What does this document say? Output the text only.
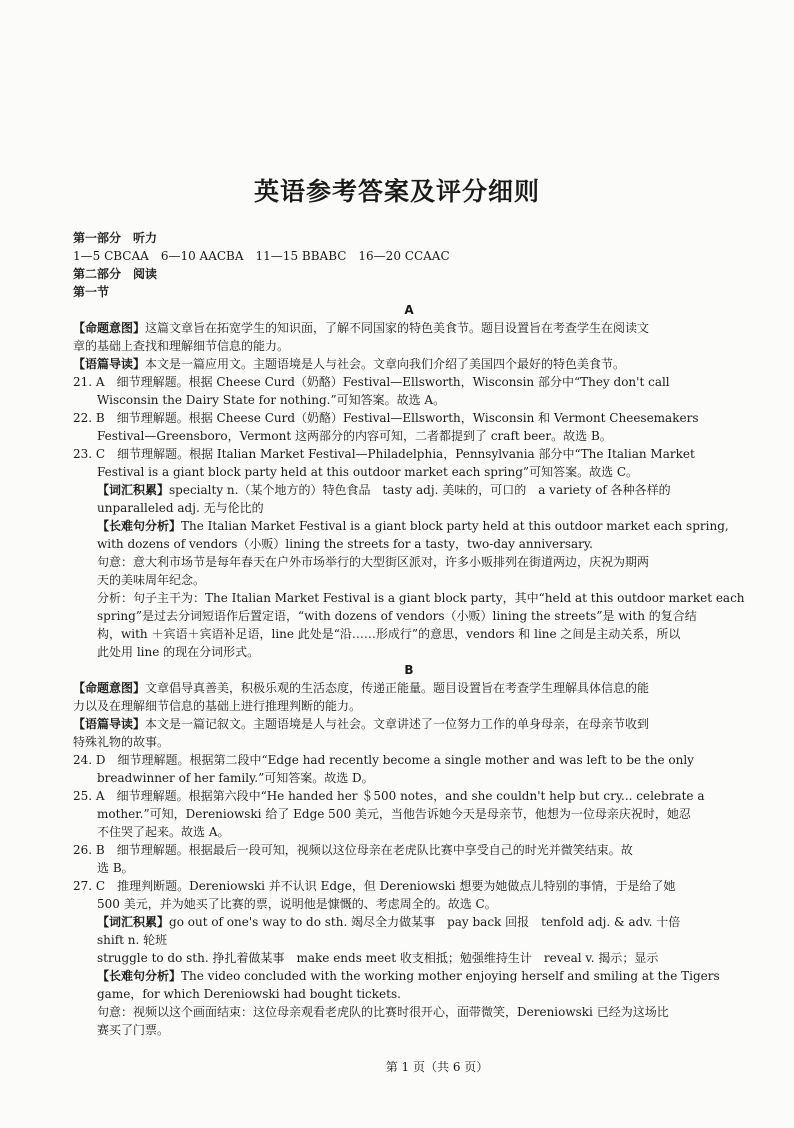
英语参考答案及评分细则
第一部分　听力
1—5 CBCAA　6—10 AACBA　11—15 BBABC　16—20 CCAAC
第二部分　阅读
第一节
A
【命题意图】这篇文章旨在拓宽学生的知识面，了解不同国家的特色美食节。题目设置旨在考查学生在阅读文
章的基础上查找和理解细节信息的能力。
【语篇导读】本文是一篇应用文。主题语境是人与社会。文章向我们介绍了美国四个最好的特色美食节。
21. A　细节理解题。根据 Cheese Curd（奶酪）Festival—Ellsworth，Wisconsin 部分中“They don't call
Wisconsin the Dairy State for nothing.”可知答案。故选 A。
22. B　细节理解题。根据 Cheese Curd（奶酪）Festival—Ellsworth，Wisconsin 和 Vermont Cheesemakers
Festival—Greensboro，Vermont 这两部分的内容可知，二者都提到了 craft beer。故选 B。
23. C　细节理解题。根据 Italian Market Festival—Philadelphia，Pennsylvania 部分中“The Italian Market
Festival is a giant block party held at this outdoor market each spring”可知答案。故选 C。
【词汇积累】specialty n.（某个地方的）特色食品　tasty adj. 美味的，可口的　a variety of 各种各样的
unparalleled adj. 无与伦比的
【长难句分析】The Italian Market Festival is a giant block party held at this outdoor market each spring,
with dozens of vendors（小贩）lining the streets for a tasty，two-day anniversary.
句意：意大利市场节是每年春天在户外市场举行的大型街区派对，许多小贩排列在街道两边，庆祝为期两
天的美味周年纪念。
分析：句子主干为：The Italian Market Festival is a giant block party，其中“held at this outdoor market each
spring”是过去分词短语作后置定语，“with dozens of vendors（小贩）lining the streets”是 with 的复合结
构，with ＋宾语＋宾语补足语，line 此处是“沿……形成行”的意思，vendors 和 line 之间是主动关系，所以
此处用 line 的现在分词形式。
B
【命题意图】文章倡导真善美，积极乐观的生活态度，传递正能量。题目设置旨在考查学生理解具体信息的能
力以及在理解细节信息的基础上进行推理判断的能力。
【语篇导读】本文是一篇记叙文。主题语境是人与社会。文章讲述了一位努力工作的单身母亲，在母亲节收到
特殊礼物的故事。
24. D　细节理解题。根据第二段中“Edge had recently become a single mother and was left to be the only
breadwinner of her family.”可知答案。故选 D。
25. A　细节理解题。根据第六段中“He handed her ＄500 notes，and she couldn't help but cry... celebrate a
mother.”可知，Dereniowski 给了 Edge 500 美元，当他告诉她今天是母亲节，他想为一位母亲庆祝时，她忍
不住哭了起来。故选 A。
26. B　细节理解题。根据最后一段可知，视频以这位母亲在老虎队比赛中享受自己的时光并微笑结束。故
选 B。
27. C　推理判断题。Dereniowski 并不认识 Edge，但 Dereniowski 想要为她做点儿特别的事情，于是给了她
500 美元，并为她买了比赛的票，说明他是慷慨的、考虑周全的。故选 C。
【词汇积累】go out of one's way to do sth. 竭尽全力做某事　pay back 回报　tenfold adj. & adv. 十倍
shift n. 轮班
struggle to do sth. 挣扎着做某事　make ends meet 收支相抵；勉强维持生计　reveal v. 揭示；显示
【长难句分析】The video concluded with the working mother enjoying herself and smiling at the Tigers
game，for which Dereniowski had bought tickets.
句意：视频以这个画面结束：这位母亲观看老虎队的比赛时很开心，面带微笑，Dereniowski 已经为这场比
赛买了门票。
第 1 页（共 6 页）
